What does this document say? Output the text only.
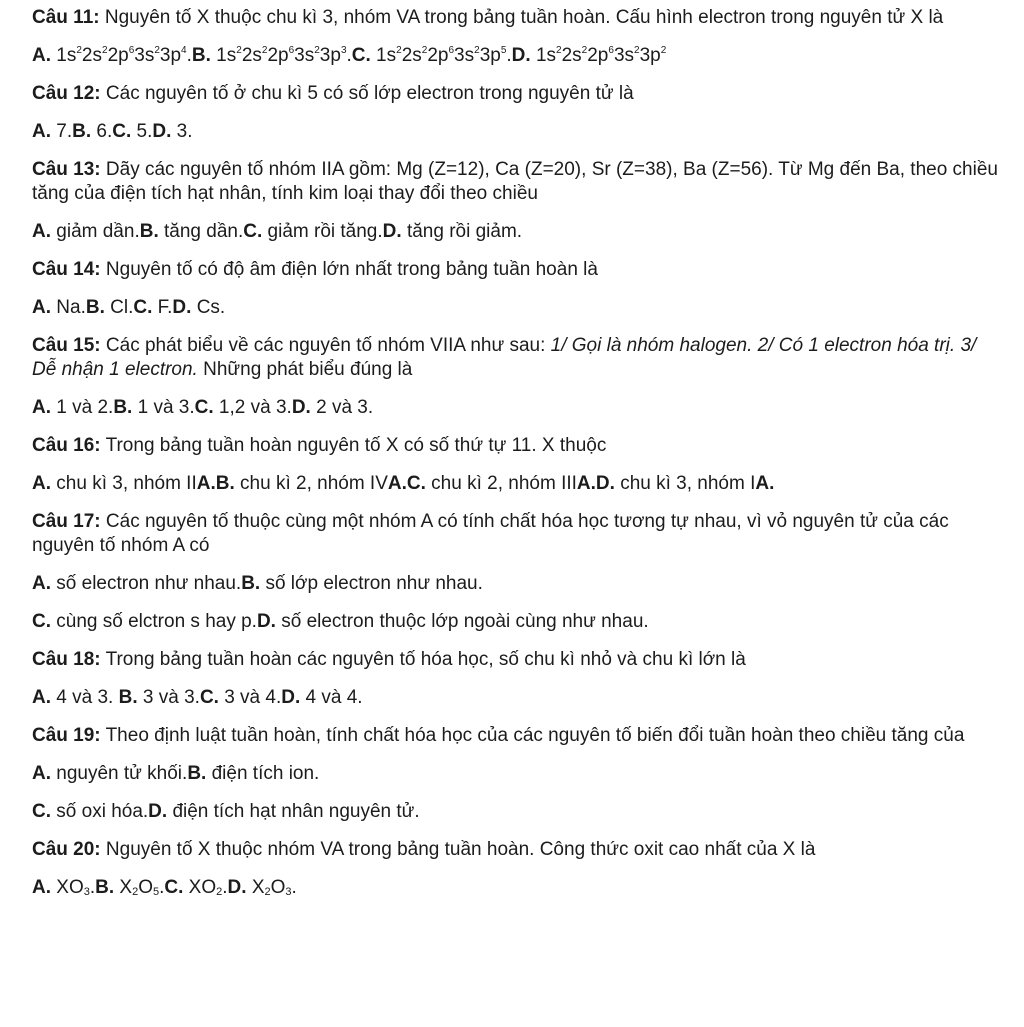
Câu 11: Nguyên tố X thuộc chu kì 3, nhóm VA trong bảng tuần hoàn. Cấu hình electron trong nguyên tử X là

A. $1s^22s^22p^63s^23p^4.B$. $1s^22s^22p^63s^23p^3.C$. $1s^22s^22p^63s^23p^5.D$. $1s^22s^22p^63s^23p^2$

Câu 12: Các nguyên tố ở chu kì 5 có số lớp electron trong nguyên tử là

A. 7.B. 6.C. 5.D. 3.

Câu 13: Dãy các nguyên tố nhóm IIA gồm: Mg (Z=12), Ca (Z=20), Sr (Z=38), Ba (Z=56). Từ Mg đến Ba, theo chiều tăng của điện tích hạt nhân, tính kim loại thay đổi theo chiều

A. giảm dần.B. tăng dần.C. giảm rồi tăng.D. tăng rồi giảm.

Câu 14: Nguyên tố có độ âm điện lớn nhất trong bảng tuần hoàn là

A. Na.B. Cl.C. F.D. Cs.

Câu 15: Các phát biểu về các nguyên tố nhóm VIIA như sau: 1/ Gọi là nhóm halogen. 2/ Có 1 electron hóa trị. 3/ Dễ nhận 1 electron. Những phát biểu đúng là

A. 1 và 2.B. 1 và 3.C. 1,2 và 3.D. 2 và 3.

Câu 16: Trong bảng tuần hoàn nguyên tố X có số thứ tự 11. X thuộc

A. chu kì 3, nhóm IIA.B. chu kì 2, nhóm IVA.C. chu kì 2, nhóm IIIA.D. chu kì 3, nhóm IA.

Câu 17: Các nguyên tố thuộc cùng một nhóm A có tính chất hóa học tương tự nhau, vì vỏ nguyên tử của các nguyên tố nhóm A có

A. số electron như nhau.B. số lớp electron như nhau.

C. cùng số elctron s hay p.D. số electron thuộc lớp ngoài cùng như nhau.

Câu 18: Trong bảng tuần hoàn các nguyên tố hóa học, số chu kì nhỏ và chu kì lớn là

A. 4 và 3. B. 3 và 3.C. 3 và 4.D. 4 và 4.

Câu 19: Theo định luật tuần hoàn, tính chất hóa học của các nguyên tố biến đổi tuần hoàn theo chiều tăng của

A. nguyên tử khối.B. điện tích ion.

C. số oxi hóa.D. điện tích hạt nhân nguyên tử.

Câu 20: Nguyên tố X thuộc nhóm VA trong bảng tuần hoàn. Công thức oxit cao nhất của X là

A. $XO_3.B$. $X_2O_5.C$. $XO_2.D$. $X_2O_3$.
